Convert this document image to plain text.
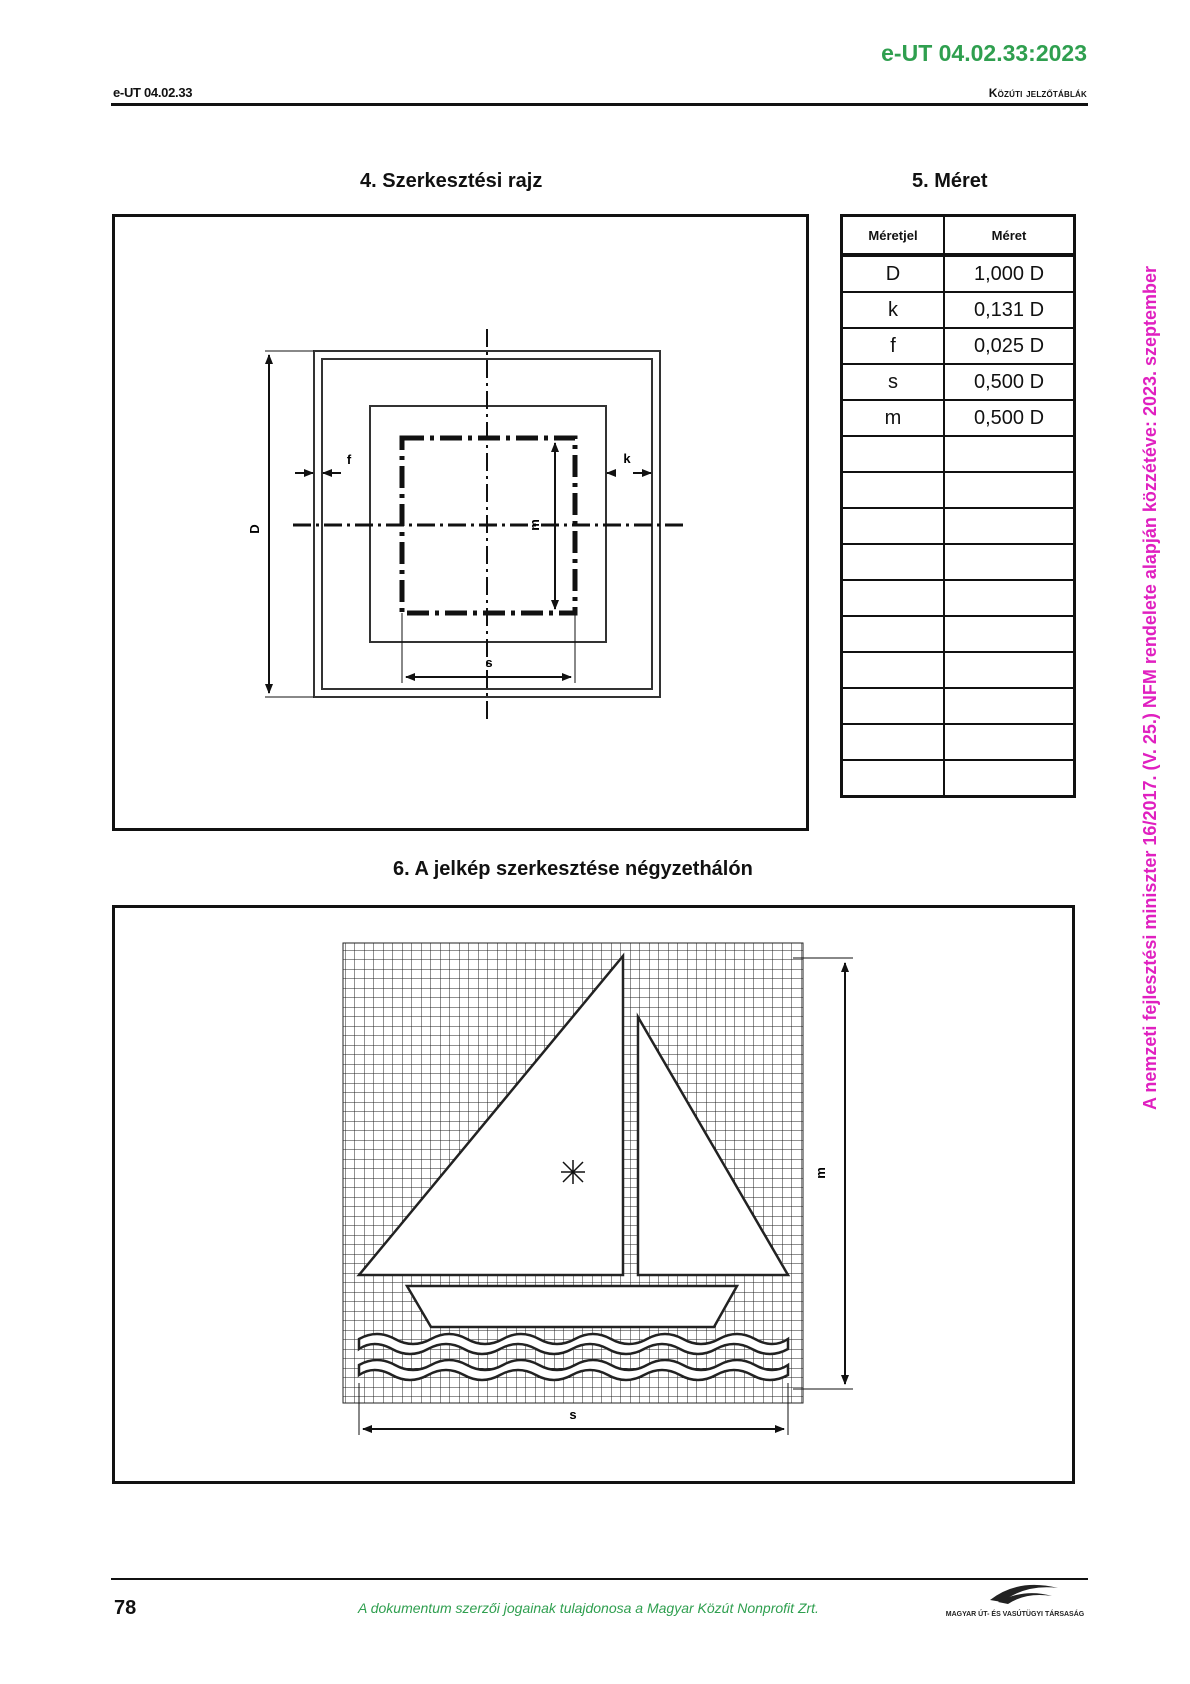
e-UT 04.02.33:2023
e-UT 04.02.33	Közúti jelzőtáblák
4. Szerkesztési rajz	5. Méret
6. A jelkép szerkesztése négyzethálón
D
f	k
m
s
Méretjel	Méret
D	1,000 D
k	0,131 D
f	0,025 D
s	0,500 D
m	0,500 D

m
s
A nemzeti fejlesztési miniszter 16/2017. (V. 25.) NFM rendelete alapján közzétéve: 2023. szeptember
78	A dokumentum szerzői jogainak tulajdonosa a Magyar Közút Nonprofit Zrt.	MAGYAR ÚT- ÉS VASÚTÜGYI TÁRSASÁG
